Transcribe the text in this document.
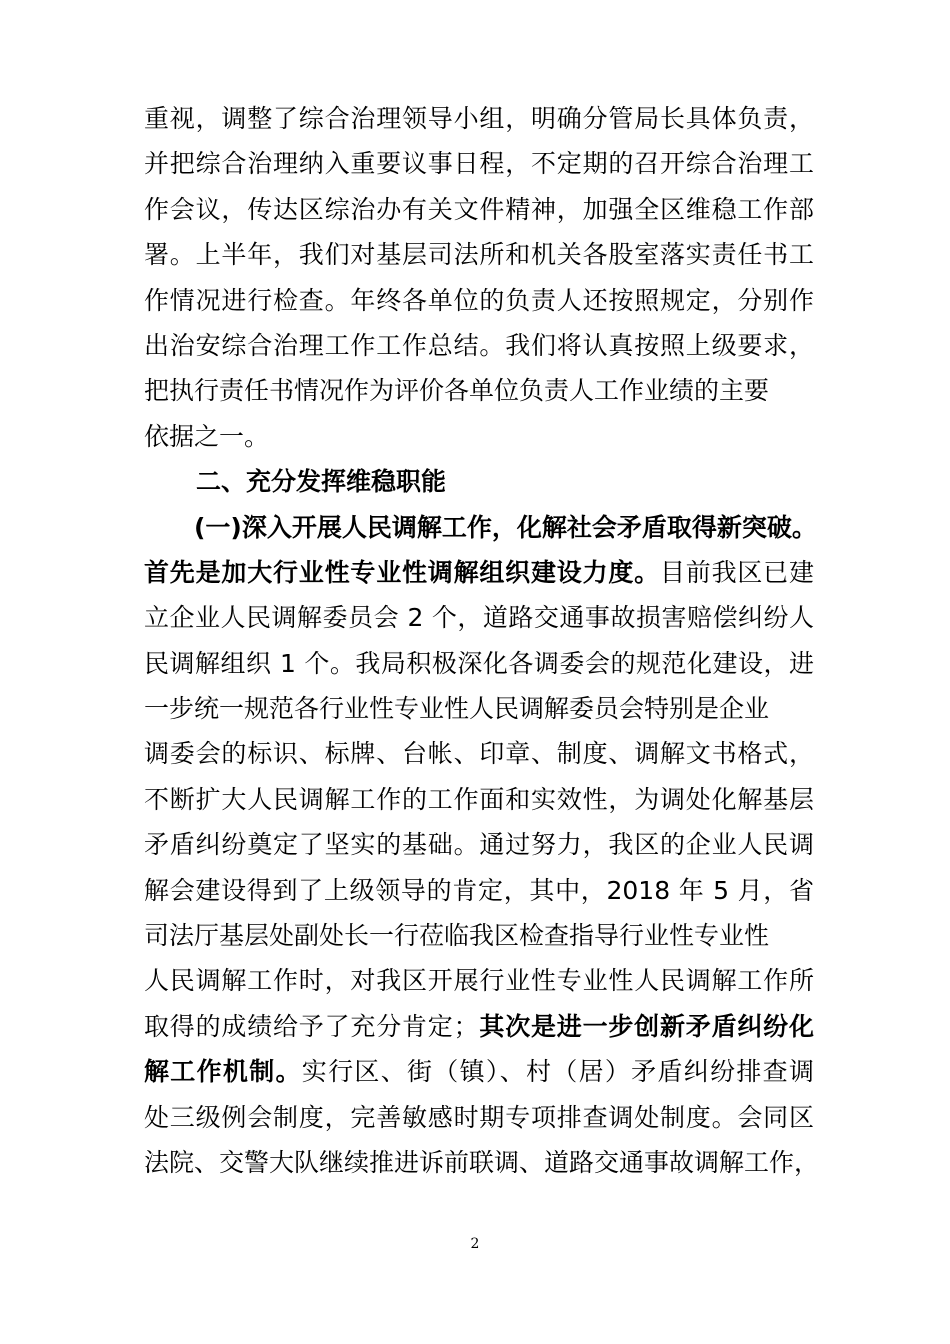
重视，调整了综合治理领导小组，明确分管局长具体负责，
并把综合治理纳入重要议事日程，不定期的召开综合治理工
作会议，传达区综治办有关文件精神，加强全区维稳工作部
署。上半年，我们对基层司法所和机关各股室落实责任书工
作情况进行检查。年终各单位的负责人还按照规定，分别作
出治安综合治理工作工作总结。我们将认真按照上级要求，
把执行责任书情况作为评价各单位负责人工作业绩的主要
依据之一。
二、充分发挥维稳职能
(一)深入开展人民调解工作，化解社会矛盾取得新突破。
首先是加大行业性专业性调解组织建设力度。目前我区已建
立企业人民调解委员会 2 个，道路交通事故损害赔偿纠纷人
民调解组织 1 个。我局积极深化各调委会的规范化建设，进
一步统一规范各行业性专业性人民调解委员会特别是企业
调委会的标识、标牌、台帐、印章、制度、调解文书格式，
不断扩大人民调解工作的工作面和实效性，为调处化解基层
矛盾纠纷奠定了坚实的基础。通过努力，我区的企业人民调
解会建设得到了上级领导的肯定，其中，2018 年 5 月，省
司法厅基层处副处长一行莅临我区检查指导行业性专业性
人民调解工作时，对我区开展行业性专业性人民调解工作所
取得的成绩给予了充分肯定；其次是进一步创新矛盾纠纷化
解工作机制。实行区、街（镇）、村（居）矛盾纠纷排查调
处三级例会制度，完善敏感时期专项排查调处制度。会同区
法院、交警大队继续推进诉前联调、道路交通事故调解工作，
2
